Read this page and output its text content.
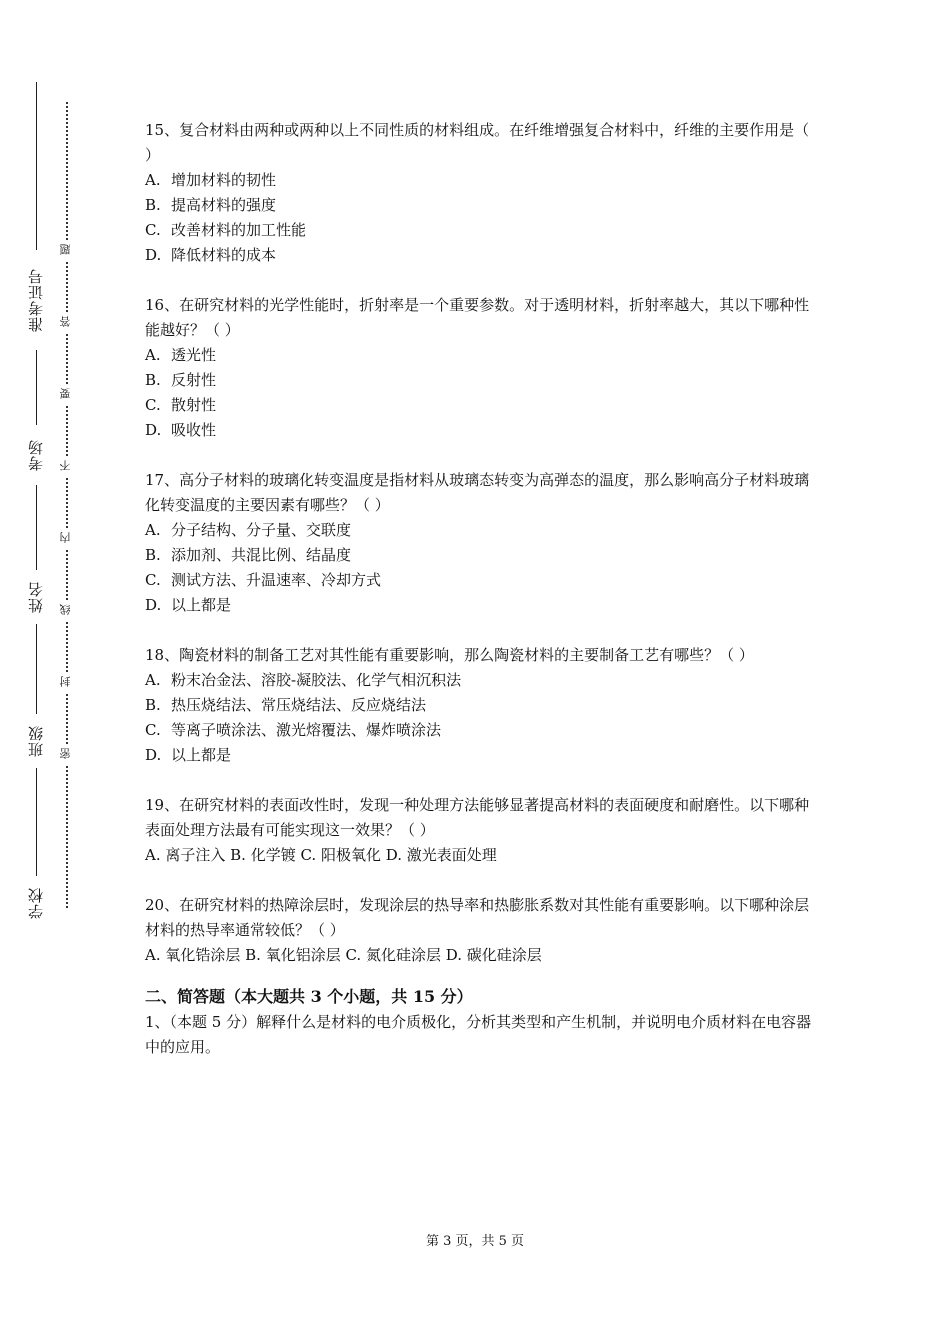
准考证号
考场
姓名
班级
学校
题
答
要
不
内
线
封
密

15、复合材料由两种或两种以上不同性质的材料组成。在纤维增强复合材料中，纤维的主要作用是（ ）

A. 增加材料的韧性

B. 提高材料的强度

C. 改善材料的加工性能

D. 降低材料的成本

16、在研究材料的光学性能时，折射率是一个重要参数。对于透明材料，折射率越大，其以下哪种性能越好？（ ）

A. 透光性

B. 反射性

C. 散射性

D. 吸收性

17、高分子材料的玻璃化转变温度是指材料从玻璃态转变为高弹态的温度，那么影响高分子材料玻璃化转变温度的主要因素有哪些？（ ）

A. 分子结构、分子量、交联度

B. 添加剂、共混比例、结晶度

C. 测试方法、升温速率、冷却方式

D. 以上都是

18、陶瓷材料的制备工艺对其性能有重要影响，那么陶瓷材料的主要制备工艺有哪些？（ ）

A. 粉末冶金法、溶胶-凝胶法、化学气相沉积法

B. 热压烧结法、常压烧结法、反应烧结法

C. 等离子喷涂法、激光熔覆法、爆炸喷涂法

D. 以上都是

19、在研究材料的表面改性时，发现一种处理方法能够显著提高材料的表面硬度和耐磨性。以下哪种表面处理方法最有可能实现这一效果？（ ）

A. 离子注入 B. 化学镀 C. 阳极氧化 D. 激光表面处理

20、在研究材料的热障涂层时，发现涂层的热导率和热膨胀系数对其性能有重要影响。以下哪种涂层材料的热导率通常较低？（ ）

A. 氧化锆涂层 B. 氧化铝涂层 C. 氮化硅涂层 D. 碳化硅涂层

二、简答题（本大题共 3 个小题，共 15 分）

1、（本题 5 分）解释什么是材料的电介质极化，分析其类型和产生机制，并说明电介质材料在电容器中的应用。

第 3 页，共 5 页
